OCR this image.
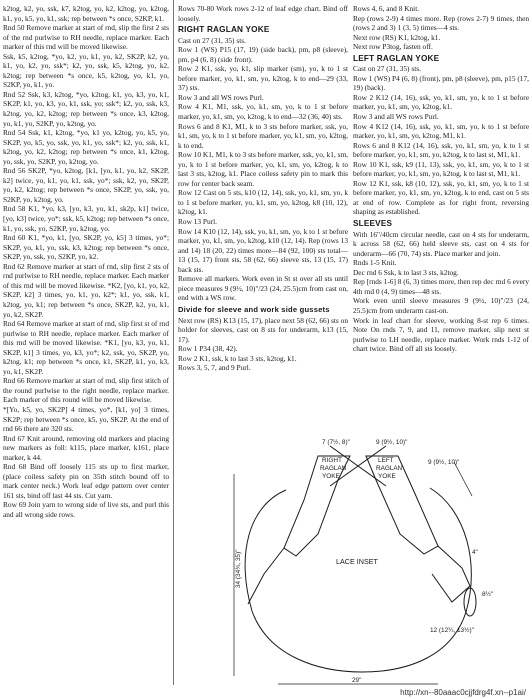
k2tog, k2, yo, ssk, k7, k2tog, yo, k2, k2tog, yo, k2tog, k1, yo, k5, yo, k1, ssk; rep between *s once, S2KP, k1.

Rnd 50 Remove marker at start of rnd, slip the first 2 sts of the rnd purlwise to RH needle, replace marker. Each marker of this rnd will be moved likewise.

Ssk, k5, k2tog, *yo, k2, yo, k1, yo, k2, SK2P, k2, yo, k1, yo, k2, yo, ssk*; k2, yo, ssk, k5, k2tog, yo, k2, k2tog; rep between *s once, k5, k2tog, yo, k1, yo, S2KP, yo, k1, yo.

Rnd 52 Ssk, k3, k2tog, *yo, k2tog, k1, yo, k3, yo, k1, SK2P, k1, yo, k3, yo, k1, ssk, yo; ssk*; k2, yo, ssk, k3, k2tog, yo, k2, k2tog; rep between *s once, k3, k2tog, yo, k1, yo, S2KP, yo, k2tog, yo.

Rnd 54 Ssk, k1, k2tog, *yo, k1 yo, k2tog, yo, k5, yo, SK2P, yo, k5, yo, ssk, yo, k1, yo, ssk*; k2, yo, ssk, k1, k2tog, yo, k2, k2tog; rep between *s once, k1, k2tog, yo, ssk, yo, S2KP, yo, k2tog, yo.

Rnd 56 SK2P, *yo, k2tog, [k1, [yo, k1, yo, k2, SK2P, k2] twice, yo, k1, yo, k1, ssk, yo*; ssk, k2, yo, SK2P, yo, k2, k2tog; rep between *s once, SK2P, yo, ssk, yo, S2KP, yo, k2tog, yo.

Rnd 58 K1, *yo, k3, [yo, k3, yo, k1, sk2p, k1] twice, [yo, k3] twice, yo*; ssk, k5, k2tog; rep between *s once, k1, yo, ssk, yo, S2KP, yo, k2tog, yo.

Rnd 60 K1, *yo, k1, [yo, SK2P, yo, k5] 3 times, yo*; SK2P, yo, k1, yo, ssk, k3, k2tog; rep between *s once, SK2P, yo, ssk, yo, S2KP, yo, k2.

Rnd 62 Remove marker at start of rnd, slip first 2 sts of rnd purlwise to RH needle, replace marker. Each marker of this rnd will be moved likewise. *K2, [yo, k1, yo, k2, SK2P, k2] 3 times, yo, k1, yo, k2*; k1, yo, ssk, k1, k2tog, yo, k1; rep between *s once, SK2P, k2, yo, k1, yo, k2, SK2P.

Rnd 64 Remove marker at start of rnd, slip first st of rnd purlwise to RH needle, replace marker. Each marker of this rnd will be moved likewise. *K1, [yo, k3, yo, k1, SK2P, k1] 3 times, yo, k3, yo*; k2, ssk, yo, SK2P, yo, k2tog, k1; rep between *s once, k1, SK2P, k1, yo, k3, yo, k1, SK2P.

Rnd 66 Remove marker at start of rnd, slip first stitch of the round purlwise to the right needle, replace marker. Each marker of this round will be moved likewise.

*[Yo, k5, yo, SK2P] 4 times, yo*, [k1, yo] 3 times, SK2P; rep between *s once, k5, yo, SK2P. At the end of rnd 66 there are 320 sts.

Rnd 67 Knit around, removing old markers and placing new markers as foll: k115, place marker, k161, place marker, k 44.

Rnd 68 Bind off loosely 115 sts up to first marker, (place coiless safety pin on 35th stitch bound off to mark center neck.) Work leaf edge pattern over center 161 sts, bind off last 44 sts. Cut yarn.

Row 69 Join yarn to wrong side of live sts, and purl this and all wrong side rows.

Rows 70-80 Work rows 2-12 of leaf edge chart. Bind off loosely.

RIGHT RAGLAN YOKE

Cast on 27 (31, 35) sts.

Row 1 (WS) P15 (17, 19) (side back), pm, p8 (sleeve), pm, p4 (6, 8) (side front).

Row 2 K1, ssk, yo, k1, slip marker (sm), yo, k to 1 st before marker, yo, k1, sm, yo, k2tog, k to end—29 (33, 37) sts.

Row 3 and all WS rows Purl.

Row 4 K1, M1, ssk, yo, k1, sm, yo, k to 1 st before marker, yo, k1, sm, yo, k2tog, k to end—32 (36, 40) sts.

Rows 6 and 8 K1, M1, k to 3 sts before marker, ssk, yo, k1, sm, yo, k to 1 st before marker, yo, k1, sm, yo, k2tog, k to end.

Row 10 K1, M1, k to 3 sts before marker, ssk, yo, k1, sm, yo, k to 1 st before marker, yo, k1, sm, yo, k2tog, k to last 3 sts, k2tog, k1. Place coiless safety pin to mark this row for center back seam.

Row 12 Cast on 5 sts, k10 (12, 14), ssk, yo, k1, sm, yo, k to 1 st before marker, yo, k1, sm, yo, k2tog, k8 (10, 12), k2tog, k1.

Row 13 Purl.

Row 14 K10 (12, 14), ssk, yo, k1, sm, yo, k to 1 st before marker, yo, k1, sm, yo, k2tog, k10 (12, 14). Rep (rows 13 and 14) 18 (20, 22) times more—84 (92, 100) sts total—13 (15, 17) front sts, 58 (62, 66) sleeve sts, 13 (15, 17) back sts.

Remove all markers. Work even in St st over all sts until piece measures 9 (9½, 10)"/23 (24, 25.5)cm from cast on, end with a WS row.

Divide for sleeve and work side gussets

Next row (RS) K13 (15, 17), place next 58 (62, 66) sts on holder for sleeves, cast on 8 sts for underarm, k13 (15, 17).

Row 1 P34 (38, 42).

Row 2 K1, ssk, k to last 3 sts, k2tog, k1.

Rows 3, 5, 7, and 9 Purl.

Rows 4, 6, and 8 Knit.

Rep (rows 2-9) 4 times more. Rep (rows 2-7) 9 times, then (rows 2 and 3) 1 (3, 5) times—4 sts.

Next row (RS) K1, k2tog, k1.

Next row P3tog, fasten off.

LEFT RAGLAN YOKE

Cast on 27 (31, 35) sts.

Row 1 (WS) P4 (6, 8) (front), pm, p8 (sleeve), pm, p15 (17, 19) (back).

Row 2 K12 (14, 16), ssk, yo, k1, sm, yo, k to 1 st before marker, yo, k1, sm, yo, k2tog, k1.

Row 3 and all WS rows Purl.

Row 4 K12 (14, 16), ssk, yo, k1, sm, yo, k to 1 st before marker, yo, k1, sm, yo, k2tog, M1, k1.

Rows 6 and 8 K12 (14, 16), ssk, yo, k1, sm, yo, k to 1 st before marker, yo, k1, sm, yo, k2tog, k to last st, M1, k1.

Row 10 K1, ssk, k9 (11, 13), ssk, yo, k1, sm, yo, k to 1 st before marker, yo, k1, sm, yo, k2tog, k to last st, M1, k1.

Row 12 K1, ssk, k8 (10, 12), ssk, yo, k1, sm, yo, k to 1 st before marker, yo, k1, sm, yo, k2tog, k to end, cast on 5 sts at end of row. Complete as for right front, reversing shaping as established.

SLEEVES

With 16"/40cm circular needle, cast on 4 sts for underarm, k across 58 (62, 66) held sleeve sts, cast on 4 sts for underarm—66 (70, 74) sts. Place marker and join.

Rnds 1-5 Knit.

Dec rnd 6 Ssk, k to last 3 sts, k2tog.

Rep [rnds 1-6] 8 (6, 3) times more, then rep dec rnd 6 every 4th rnd 0 (4, 9) times—48 sts.

Work even until sleeve measures 9 (9½, 10)"/23 (24, 25.5)cm from underarm cast-on.

Work in leaf chart for sleeve, working 8-st rep 6 times. Note On rnds 7, 9, and 11, remove marker, slip next st purlwise to LH needle, replace marker. Work rnds 1-12 of chart twice. Bind off all sts loosely.

7 (7½, 8)"	9 (9½, 10)"
9 (9½, 10)"
RIGHT
RAGLAN
YOKE
LEFT
RAGLAN
YOKE
LACE INSET
34 (34¾, 35)"	4"
8½"
12 (12¼, 13½)"
29"
http://xn--80aaac0cjjfdrg4f.xn--p1ai/
